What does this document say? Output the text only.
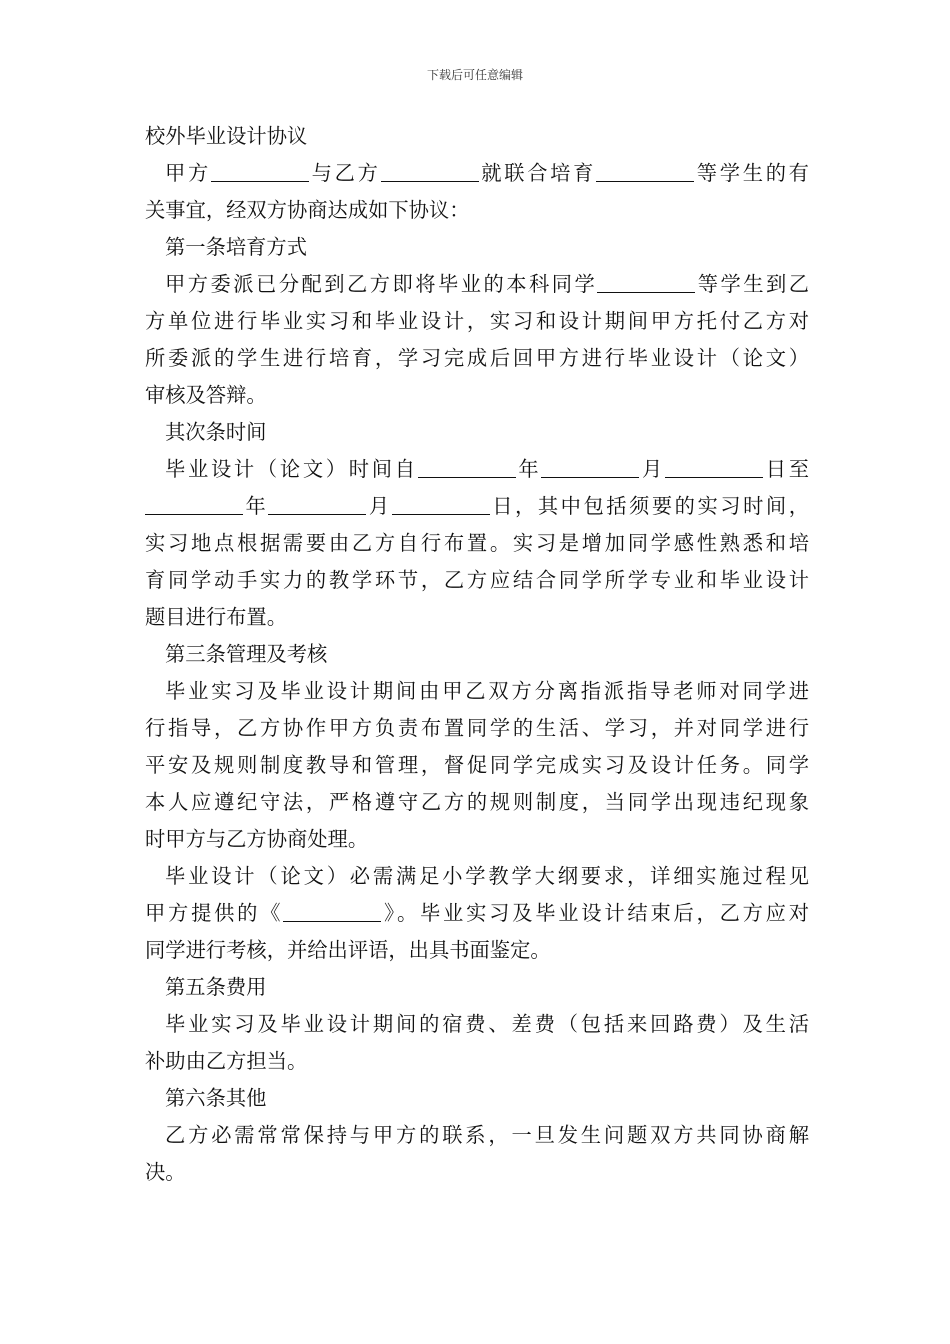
下载后可任意编辑
校外毕业设计协议
甲方	与乙方	就联合培育	等学生的有
关事宜，经双方协商达成如下协议：
第一条培育方式
甲方委派已分配到乙方即将毕业的本科同学	等学生到乙
方单位进行毕业实习和毕业设计，实习和设计期间甲方托付乙方对
所委派的学生进行培育，学习完成后回甲方进行毕业设计（论文）
审核及答辩。
其次条时间
毕业设计（论文）时间自	年	月	日至
年	月	日，其中包括须要的实习时间，
实习地点根据需要由乙方自行布置。实习是增加同学感性熟悉和培
育同学动手实力的教学环节，乙方应结合同学所学专业和毕业设计
题目进行布置。
第三条管理及考核
毕业实习及毕业设计期间由甲乙双方分离指派指导老师对同学进
行指导，乙方协作甲方负责布置同学的生活、学习，并对同学进行
平安及规则制度教导和管理，督促同学完成实习及设计任务。同学
本人应遵纪守法，严格遵守乙方的规则制度，当同学出现违纪现象
时甲方与乙方协商处理。
毕业设计（论文）必需满足小学教学大纲要求，详细实施过程见
甲方提供的《	》。毕业实习及毕业设计结束后，乙方应对
同学进行考核，并给出评语，出具书面鉴定。
第五条费用
毕业实习及毕业设计期间的宿费、差费（包括来回路费）及生活
补助由乙方担当。
第六条其他
乙方必需常常保持与甲方的联系，一旦发生问题双方共同协商解
决。
